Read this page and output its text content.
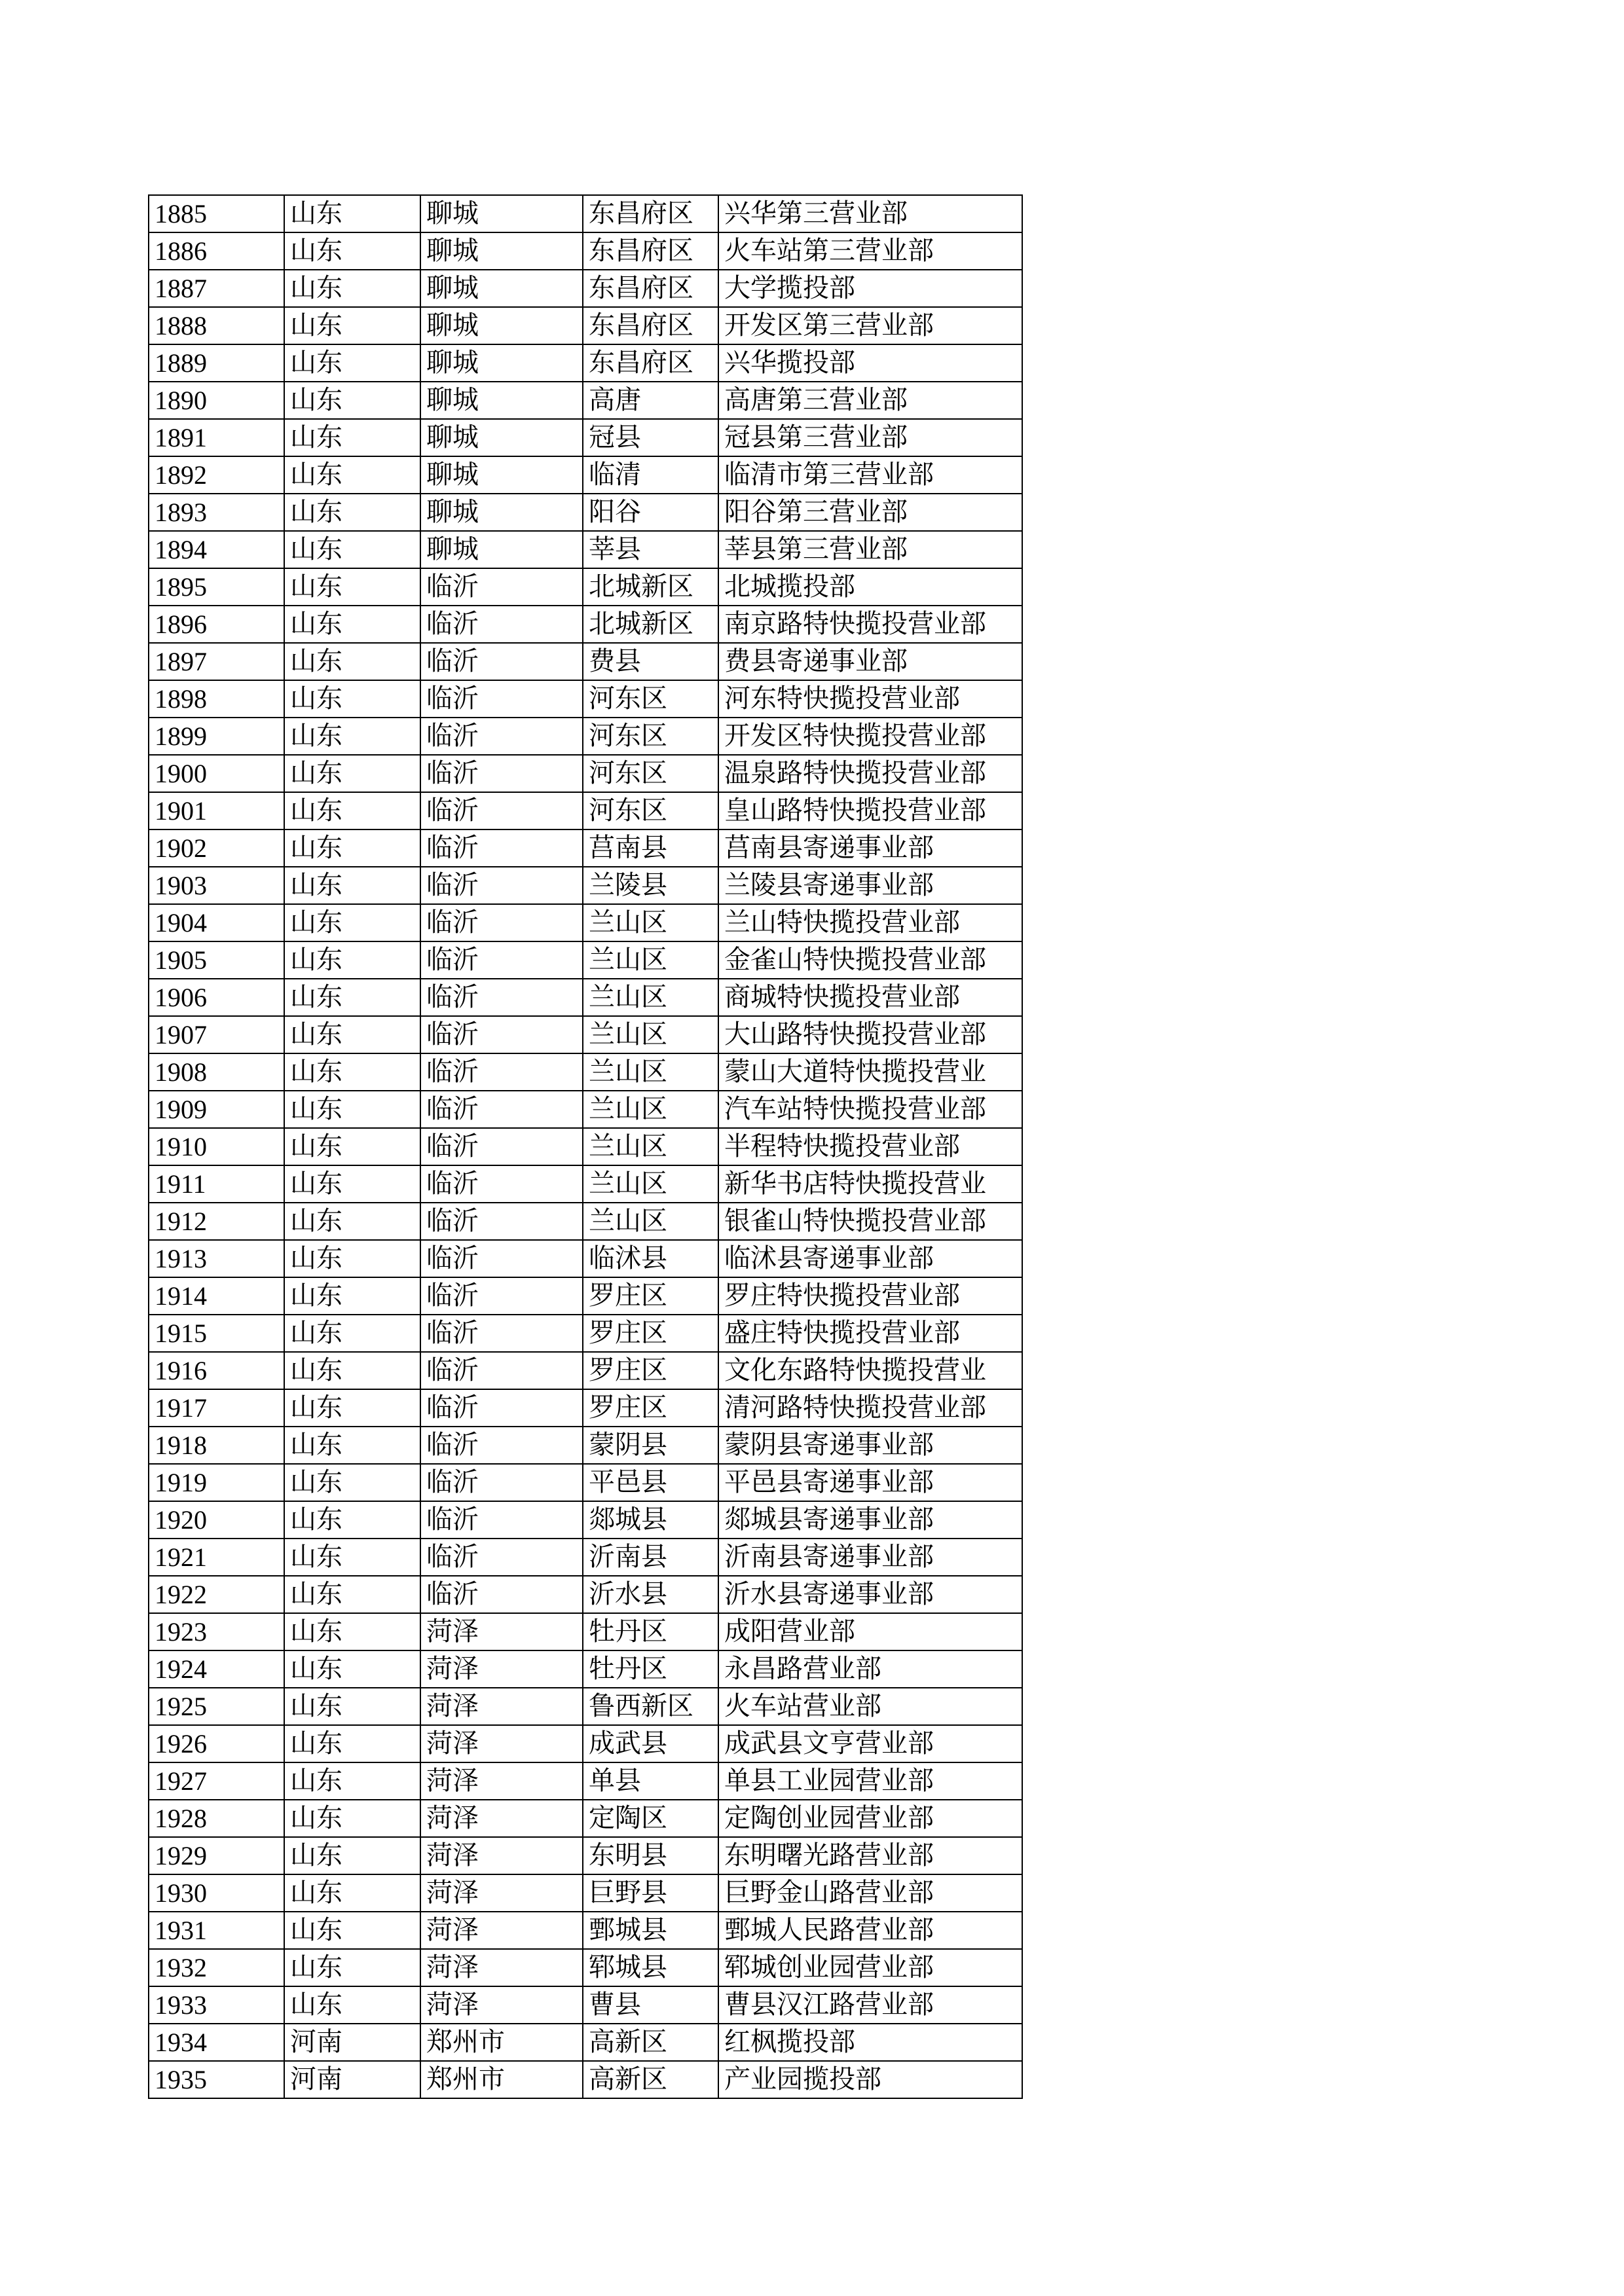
1885	山东	聊城	东昌府区	兴华第三营业部
1886	山东	聊城	东昌府区	火车站第三营业部
1887	山东	聊城	东昌府区	大学揽投部
1888	山东	聊城	东昌府区	开发区第三营业部
1889	山东	聊城	东昌府区	兴华揽投部
1890	山东	聊城	高唐	高唐第三营业部
1891	山东	聊城	冠县	冠县第三营业部
1892	山东	聊城	临清	临清市第三营业部
1893	山东	聊城	阳谷	阳谷第三营业部
1894	山东	聊城	莘县	莘县第三营业部
1895	山东	临沂	北城新区	北城揽投部
1896	山东	临沂	北城新区	南京路特快揽投营业部
1897	山东	临沂	费县	费县寄递事业部
1898	山东	临沂	河东区	河东特快揽投营业部
1899	山东	临沂	河东区	开发区特快揽投营业部
1900	山东	临沂	河东区	温泉路特快揽投营业部
1901	山东	临沂	河东区	皇山路特快揽投营业部
1902	山东	临沂	莒南县	莒南县寄递事业部
1903	山东	临沂	兰陵县	兰陵县寄递事业部
1904	山东	临沂	兰山区	兰山特快揽投营业部
1905	山东	临沂	兰山区	金雀山特快揽投营业部
1906	山东	临沂	兰山区	商城特快揽投营业部
1907	山东	临沂	兰山区	大山路特快揽投营业部
1908	山东	临沂	兰山区	蒙山大道特快揽投营业
1909	山东	临沂	兰山区	汽车站特快揽投营业部
1910	山东	临沂	兰山区	半程特快揽投营业部
1911	山东	临沂	兰山区	新华书店特快揽投营业
1912	山东	临沂	兰山区	银雀山特快揽投营业部
1913	山东	临沂	临沭县	临沭县寄递事业部
1914	山东	临沂	罗庄区	罗庄特快揽投营业部
1915	山东	临沂	罗庄区	盛庄特快揽投营业部
1916	山东	临沂	罗庄区	文化东路特快揽投营业
1917	山东	临沂	罗庄区	清河路特快揽投营业部
1918	山东	临沂	蒙阴县	蒙阴县寄递事业部
1919	山东	临沂	平邑县	平邑县寄递事业部
1920	山东	临沂	郯城县	郯城县寄递事业部
1921	山东	临沂	沂南县	沂南县寄递事业部
1922	山东	临沂	沂水县	沂水县寄递事业部
1923	山东	菏泽	牡丹区	成阳营业部
1924	山东	菏泽	牡丹区	永昌路营业部
1925	山东	菏泽	鲁西新区	火车站营业部
1926	山东	菏泽	成武县	成武县文亨营业部
1927	山东	菏泽	单县	单县工业园营业部
1928	山东	菏泽	定陶区	定陶创业园营业部
1929	山东	菏泽	东明县	东明曙光路营业部
1930	山东	菏泽	巨野县	巨野金山路营业部
1931	山东	菏泽	鄄城县	鄄城人民路营业部
1932	山东	菏泽	郓城县	郓城创业园营业部
1933	山东	菏泽	曹县	曹县汉江路营业部
1934	河南	郑州市	高新区	红枫揽投部
1935	河南	郑州市	高新区	产业园揽投部
